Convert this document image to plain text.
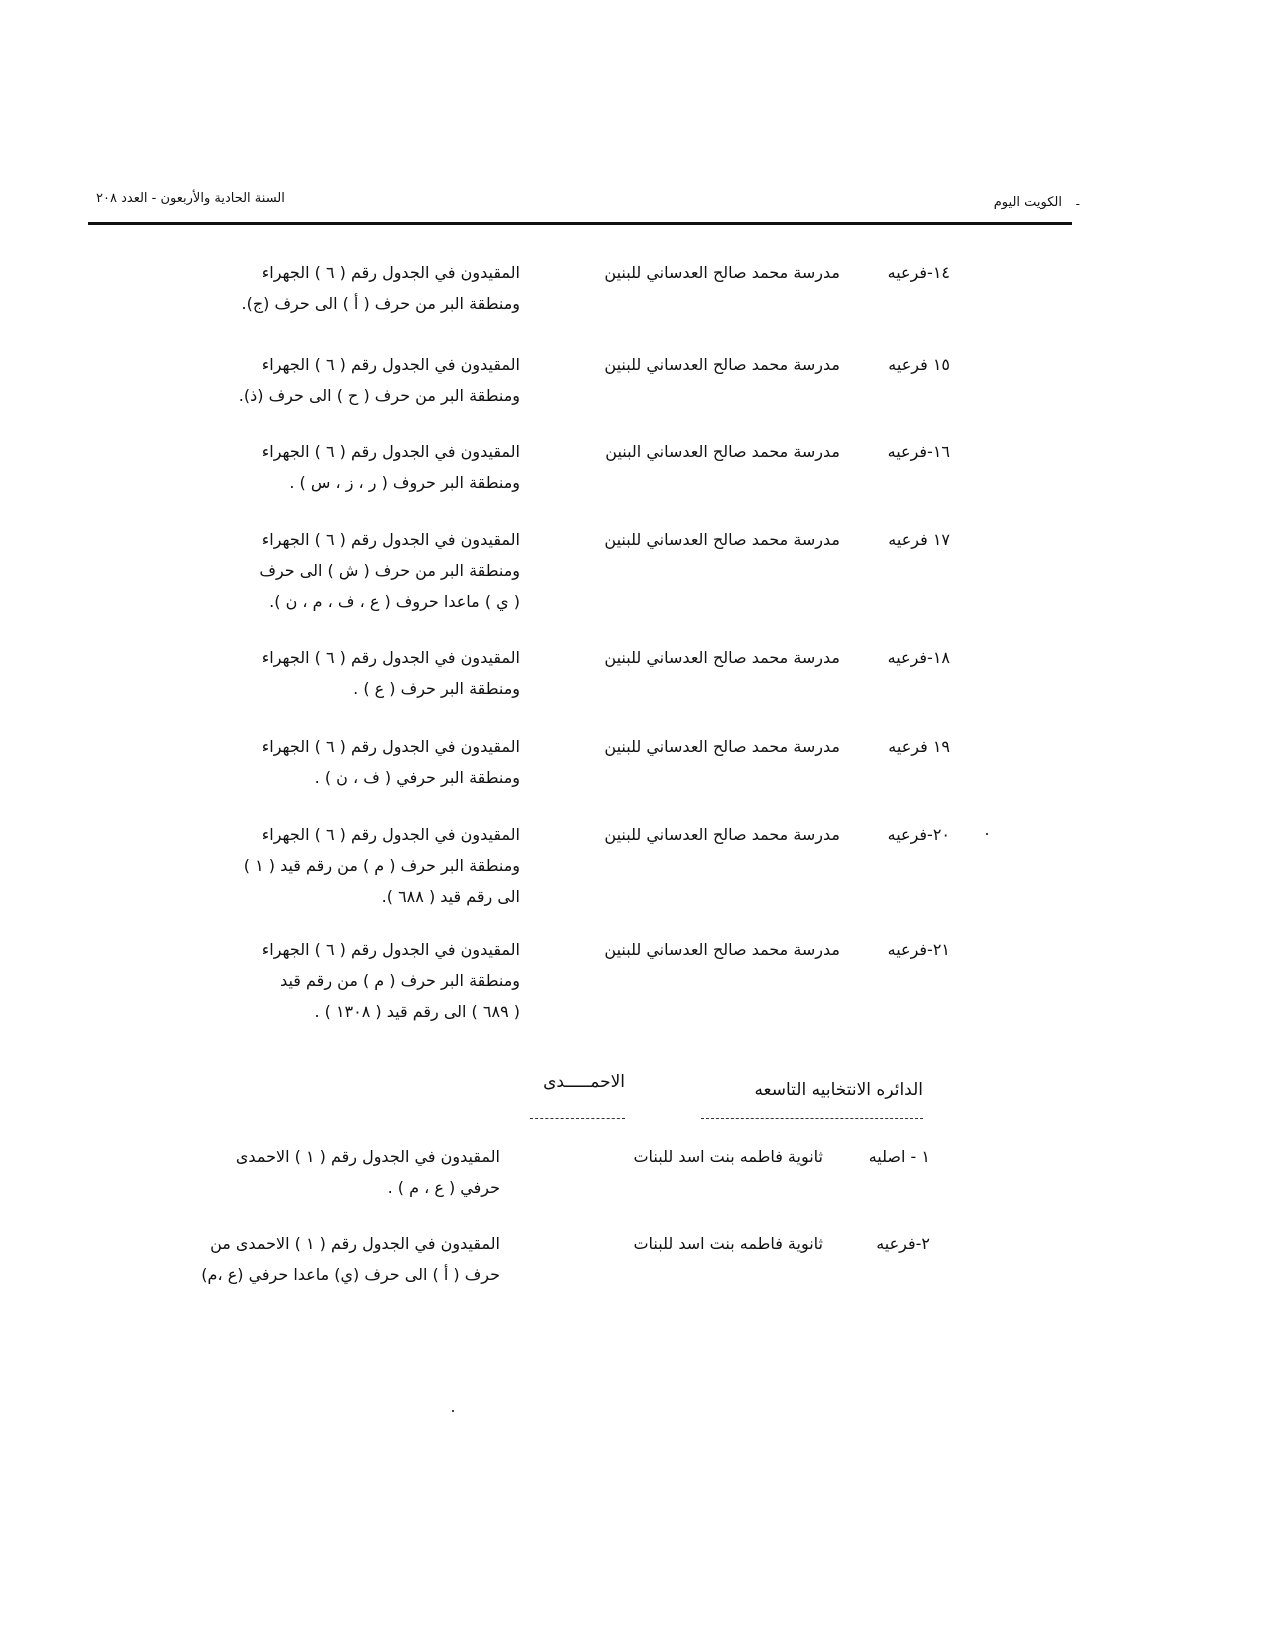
الكويت اليوم -
السنة الحادية والأربعون - العدد ٢٠٨
١٤-فرعيه
مدرسة محمد صالح العدساني للبنين
المقيدون في الجدول رقم ( ٦ ) الجهراء
ومنطقة البر من حرف ( أ ) الى حرف (ج).
١٥ فرعيه
مدرسة محمد صالح العدساني للبنين
المقيدون في الجدول رقم ( ٦ ) الجهراء
ومنطقة البر من حرف ( ح ) الى حرف (ذ).
١٦-فرعيه
مدرسة محمد صالح العدساني البنين
المقيدون في الجدول رقم ( ٦ ) الجهراء
ومنطقة البر حروف ( ر ، ز ، س ) .
١٧ فرعيه
مدرسة محمد صالح العدساني للبنين
المقيدون في الجدول رقم ( ٦ ) الجهراء
ومنطقة البر من حرف ( ش ) الى حرف
( ي ) ماعدا حروف ( ع ، ف ، م ، ن ).
١٨-فرعيه
مدرسة محمد صالح العدساني للبنين
المقيدون في الجدول رقم ( ٦ ) الجهراء
ومنطقة البر حرف ( ع ) .
١٩ فرعيه
مدرسة محمد صالح العدساني للبنين
المقيدون في الجدول رقم ( ٦ ) الجهراء
ومنطقة البر حرفي ( ف ، ن ) .
٢٠-فرعيه
مدرسة محمد صالح العدساني للبنين
المقيدون في الجدول رقم ( ٦ ) الجهراء
ومنطقة البر حرف ( م ) من رقم قيد ( ١ )
الى رقم قيد ( ٦٨٨ ).
٢١-فرعيه
مدرسة محمد صالح العدساني للبنين
المقيدون في الجدول رقم ( ٦ ) الجهراء
ومنطقة البر حرف ( م ) من رقم قيد
( ٦٨٩ ) الى رقم قيد ( ١٣٠٨ ) .
الدائره الانتخابيه التاسعه
الاحمـــــدى
١ - اصليه
ثانوية فاطمه بنت اسد للبنات
المقيدون في الجدول رقم ( ١ ) الاحمدى
حرفي ( ع ، م ) .
٢-فرعيه
ثانوية فاطمه بنت اسد للبنات
المقيدون في الجدول رقم ( ١ ) الاحمدى من
حرف ( أ ) الى حرف (ي) ماعدا حرفي (ع ،م)
